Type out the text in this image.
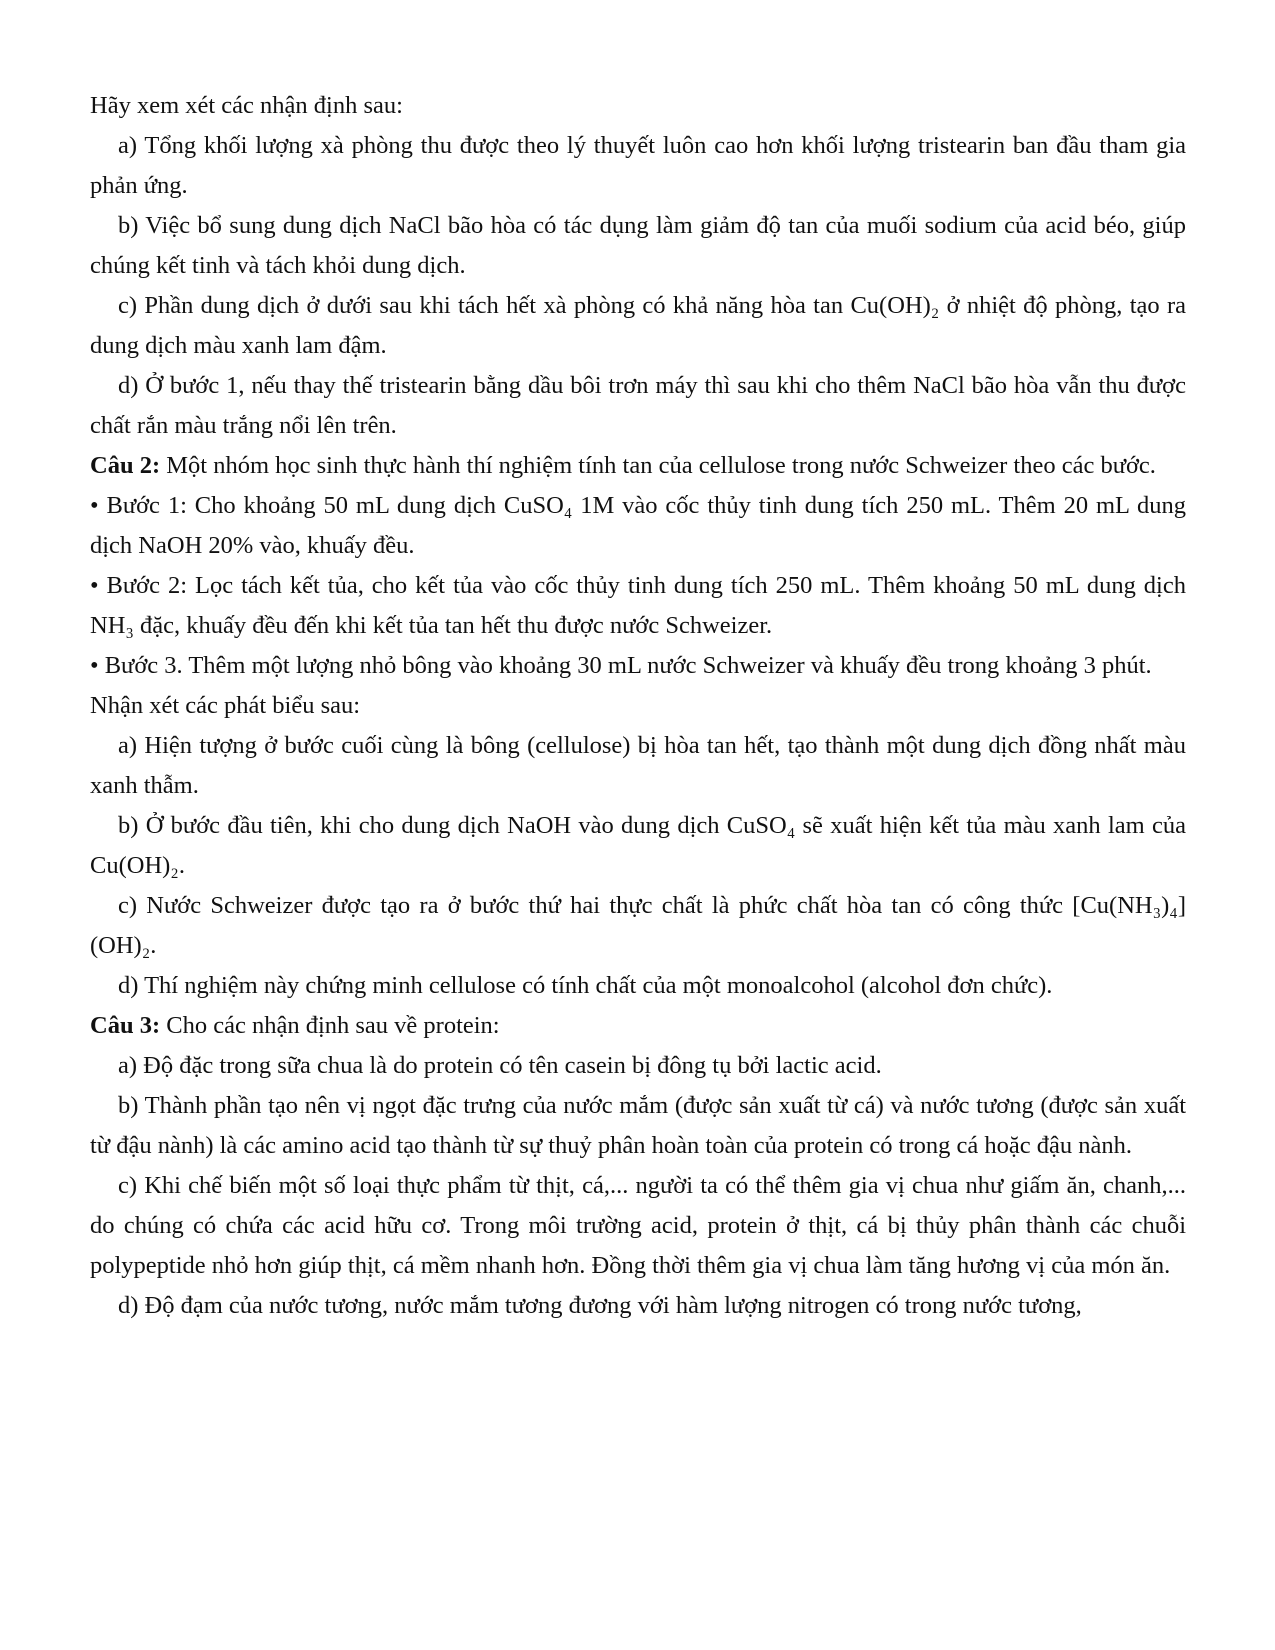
Hãy xem xét các nhận định sau:

a) Tổng khối lượng xà phòng thu được theo lý thuyết luôn cao hơn khối lượng tristearin ban đầu tham gia phản ứng.

b) Việc bổ sung dung dịch NaCl bão hòa có tác dụng làm giảm độ tan của muối sodium của acid béo, giúp chúng kết tinh và tách khỏi dung dịch.

c) Phần dung dịch ở dưới sau khi tách hết xà phòng có khả năng hòa tan Cu(OH)₂ ở nhiệt độ phòng, tạo ra dung dịch màu xanh lam đậm.

d) Ở bước 1, nếu thay thế tristearin bằng dầu bôi trơn máy thì sau khi cho thêm NaCl bão hòa vẫn thu được chất rắn màu trắng nổi lên trên.

Câu 2: Một nhóm học sinh thực hành thí nghiệm tính tan của cellulose trong nước Schweizer theo các bước.

• Bước 1: Cho khoảng 50 mL dung dịch CuSO₄ 1M vào cốc thủy tinh dung tích 250 mL. Thêm 20 mL dung dịch NaOH 20% vào, khuấy đều.

• Bước 2: Lọc tách kết tủa, cho kết tủa vào cốc thủy tinh dung tích 250 mL. Thêm khoảng 50 mL dung dịch NH₃ đặc, khuấy đều đến khi kết tủa tan hết thu được nước Schweizer.

• Bước 3. Thêm một lượng nhỏ bông vào khoảng 30 mL nước Schweizer và khuấy đều trong khoảng 3 phút.

Nhận xét các phát biểu sau:

a) Hiện tượng ở bước cuối cùng là bông (cellulose) bị hòa tan hết, tạo thành một dung dịch đồng nhất màu xanh thẫm.

b) Ở bước đầu tiên, khi cho dung dịch NaOH vào dung dịch CuSO₄ sẽ xuất hiện kết tủa màu xanh lam của Cu(OH)₂.

c) Nước Schweizer được tạo ra ở bước thứ hai thực chất là phức chất hòa tan có công thức [Cu(NH₃)₄](OH)₂.

d) Thí nghiệm này chứng minh cellulose có tính chất của một monoalcohol (alcohol đơn chức).

Câu 3: Cho các nhận định sau về protein:

a) Độ đặc trong sữa chua là do protein có tên casein bị đông tụ bởi lactic acid.

b) Thành phần tạo nên vị ngọt đặc trưng của nước mắm (được sản xuất từ cá) và nước tương (được sản xuất từ đậu nành) là các amino acid tạo thành từ sự thuỷ phân hoàn toàn của protein có trong cá hoặc đậu nành.

c) Khi chế biến một số loại thực phẩm từ thịt, cá,... người ta có thể thêm gia vị chua như giấm ăn, chanh,... do chúng có chứa các acid hữu cơ. Trong môi trường acid, protein ở thịt, cá bị thủy phân thành các chuỗi polypeptide nhỏ hơn giúp thịt, cá mềm nhanh hơn. Đồng thời thêm gia vị chua làm tăng hương vị của món ăn.

d) Độ đạm của nước tương, nước mắm tương đương với hàm lượng nitrogen có trong nước tương,
